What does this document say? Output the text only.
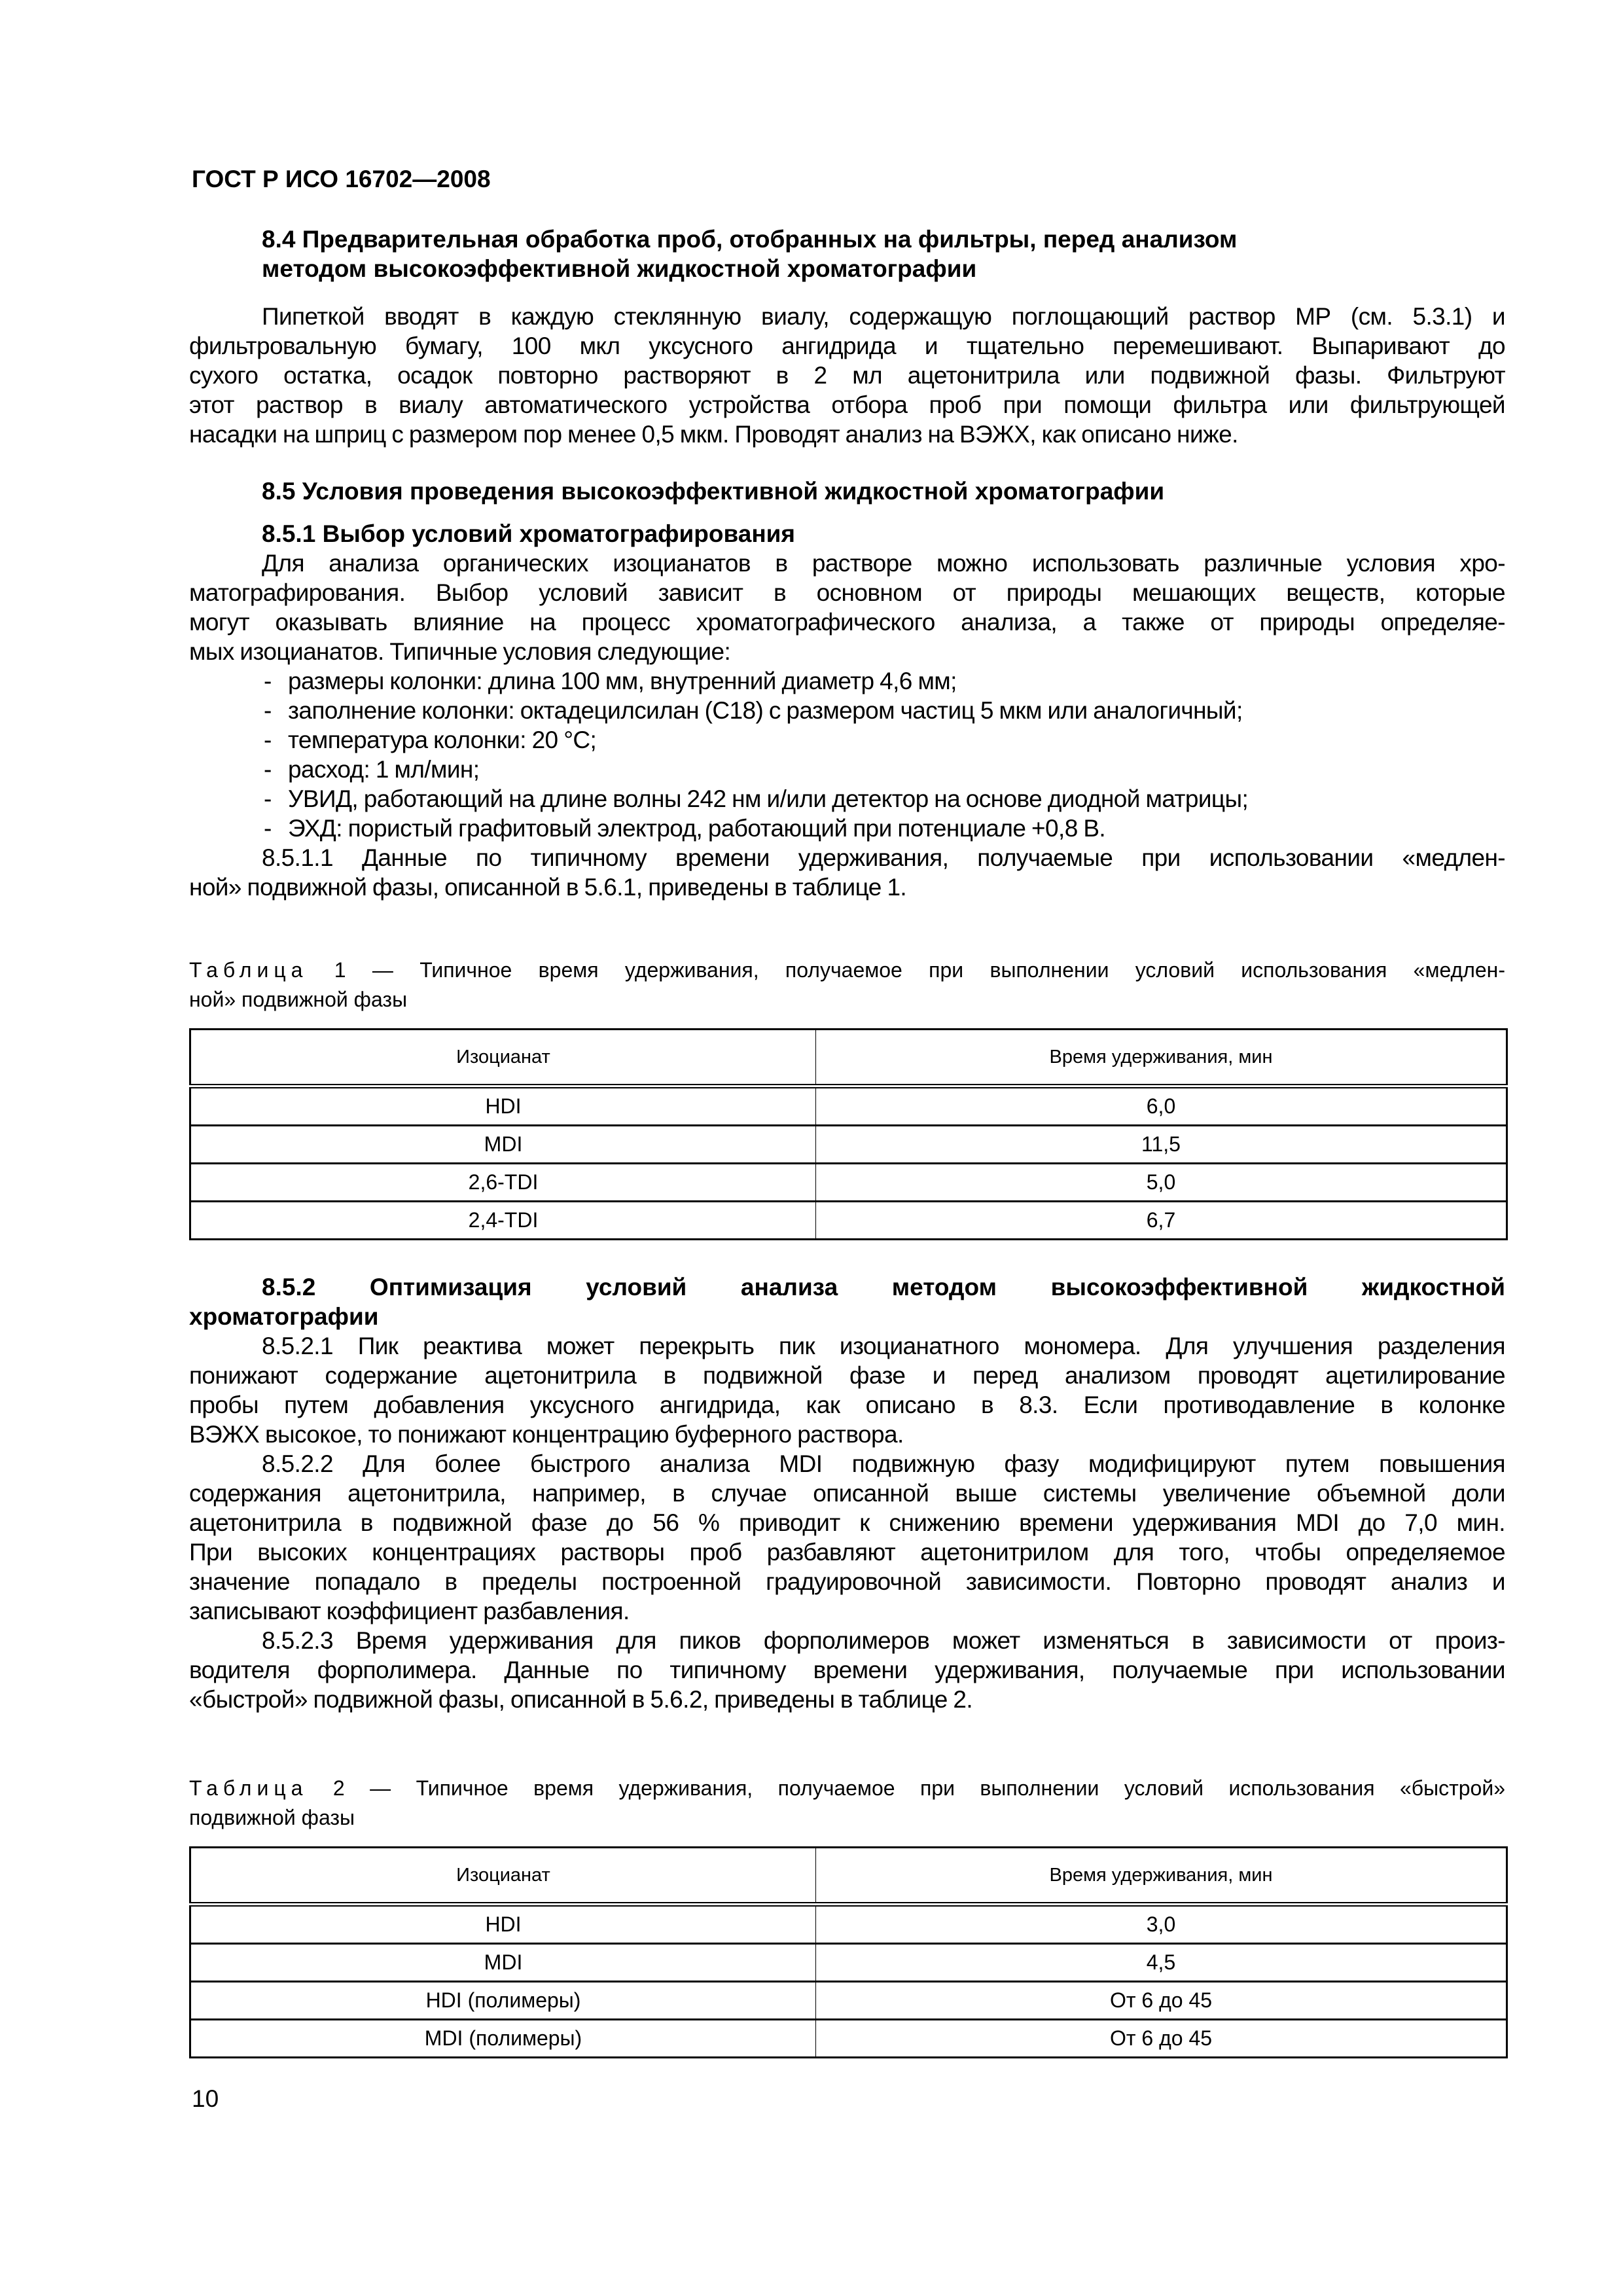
ГОСТ Р ИСО 16702—2008
8.4 Предварительная обработка проб, отобранных на фильтры, перед анализом
методом высокоэффективной жидкостной хроматографии
Пипеткой вводят в каждую стеклянную виалу, содержащую поглощающий раствор МР (см. 5.3.1) и
фильтровальную бумагу, 100 мкл уксусного ангидрида и тщательно перемешивают. Выпаривают до
сухого остатка, осадок повторно растворяют в 2 мл ацетонитрила или подвижной фазы. Фильтруют
этот раствор в виалу автоматического устройства отбора проб при помощи фильтра или фильтрующей
насадки на шприц с размером пор менее 0,5 мкм. Проводят анализ на ВЭЖХ, как описано ниже.
8.5 Условия проведения высокоэффективной жидкостной хроматографии
8.5.1 Выбор условий хроматографирования
Для анализа органических изоцианатов в растворе можно использовать различные условия хро-
матографирования. Выбор условий зависит в основном от природы мешающих веществ, которые
могут оказывать влияние на процесс хроматографического анализа, а также от природы определяе-
мых изоцианатов. Типичные условия следующие:
- размеры колонки: длина 100 мм, внутренний диаметр 4,6 мм;
- заполнение колонки: октадецилсилан (С18) с размером частиц 5 мкм или аналогичный;
- температура колонки: 20 °С;
- расход: 1 мл/мин;
- УВИД, работающий на длине волны 242 нм и/или детектор на основе диодной матрицы;
- ЭХД: пористый графитовый электрод, работающий при потенциале +0,8 В.
8.5.1.1 Данные по типичному времени удерживания, получаемые при использовании «медлен-
ной» подвижной фазы, описанной в 5.6.1, приведены в таблице 1.
Таблица 1 — Типичное время удерживания, получаемое при выполнении условий использования «медлен-
ной» подвижной фазы
Изоцианат	Время удерживания, мин
HDI	6,0
MDI	11,5
2,6-TDI	5,0
2,4-TDI	6,7
8.5.2 Оптимизация условий анализа методом высокоэффективной жидкостной
хроматографии
8.5.2.1 Пик реактива может перекрыть пик изоцианатного мономера. Для улучшения разделения
понижают содержание ацетонитрила в подвижной фазе и перед анализом проводят ацетилирование
пробы путем добавления уксусного ангидрида, как описано в 8.3. Если противодавление в колонке
ВЭЖХ высокое, то понижают концентрацию буферного раствора.
8.5.2.2 Для более быстрого анализа MDI подвижную фазу модифицируют путем повышения
содержания ацетонитрила, например, в случае описанной выше системы увеличение объемной доли
ацетонитрила в подвижной фазе до 56 % приводит к снижению времени удерживания MDI до 7,0 мин.
При высоких концентрациях растворы проб разбавляют ацетонитрилом для того, чтобы определяемое
значение попадало в пределы построенной градуировочной зависимости. Повторно проводят анализ и
записывают коэффициент разбавления.
8.5.2.3 Время удерживания для пиков форполимеров может изменяться в зависимости от произ-
водителя форполимера. Данные по типичному времени удерживания, получаемые при использовании
«быстрой» подвижной фазы, описанной в 5.6.2, приведены в таблице 2.
Таблица 2 — Типичное время удерживания, получаемое при выполнении условий использования «быстрой»
подвижной фазы
Изоцианат	Время удерживания, мин
HDI	3,0
MDI	4,5
HDI (полимеры)	От 6 до 45
MDI (полимеры)	От 6 до 45
10
